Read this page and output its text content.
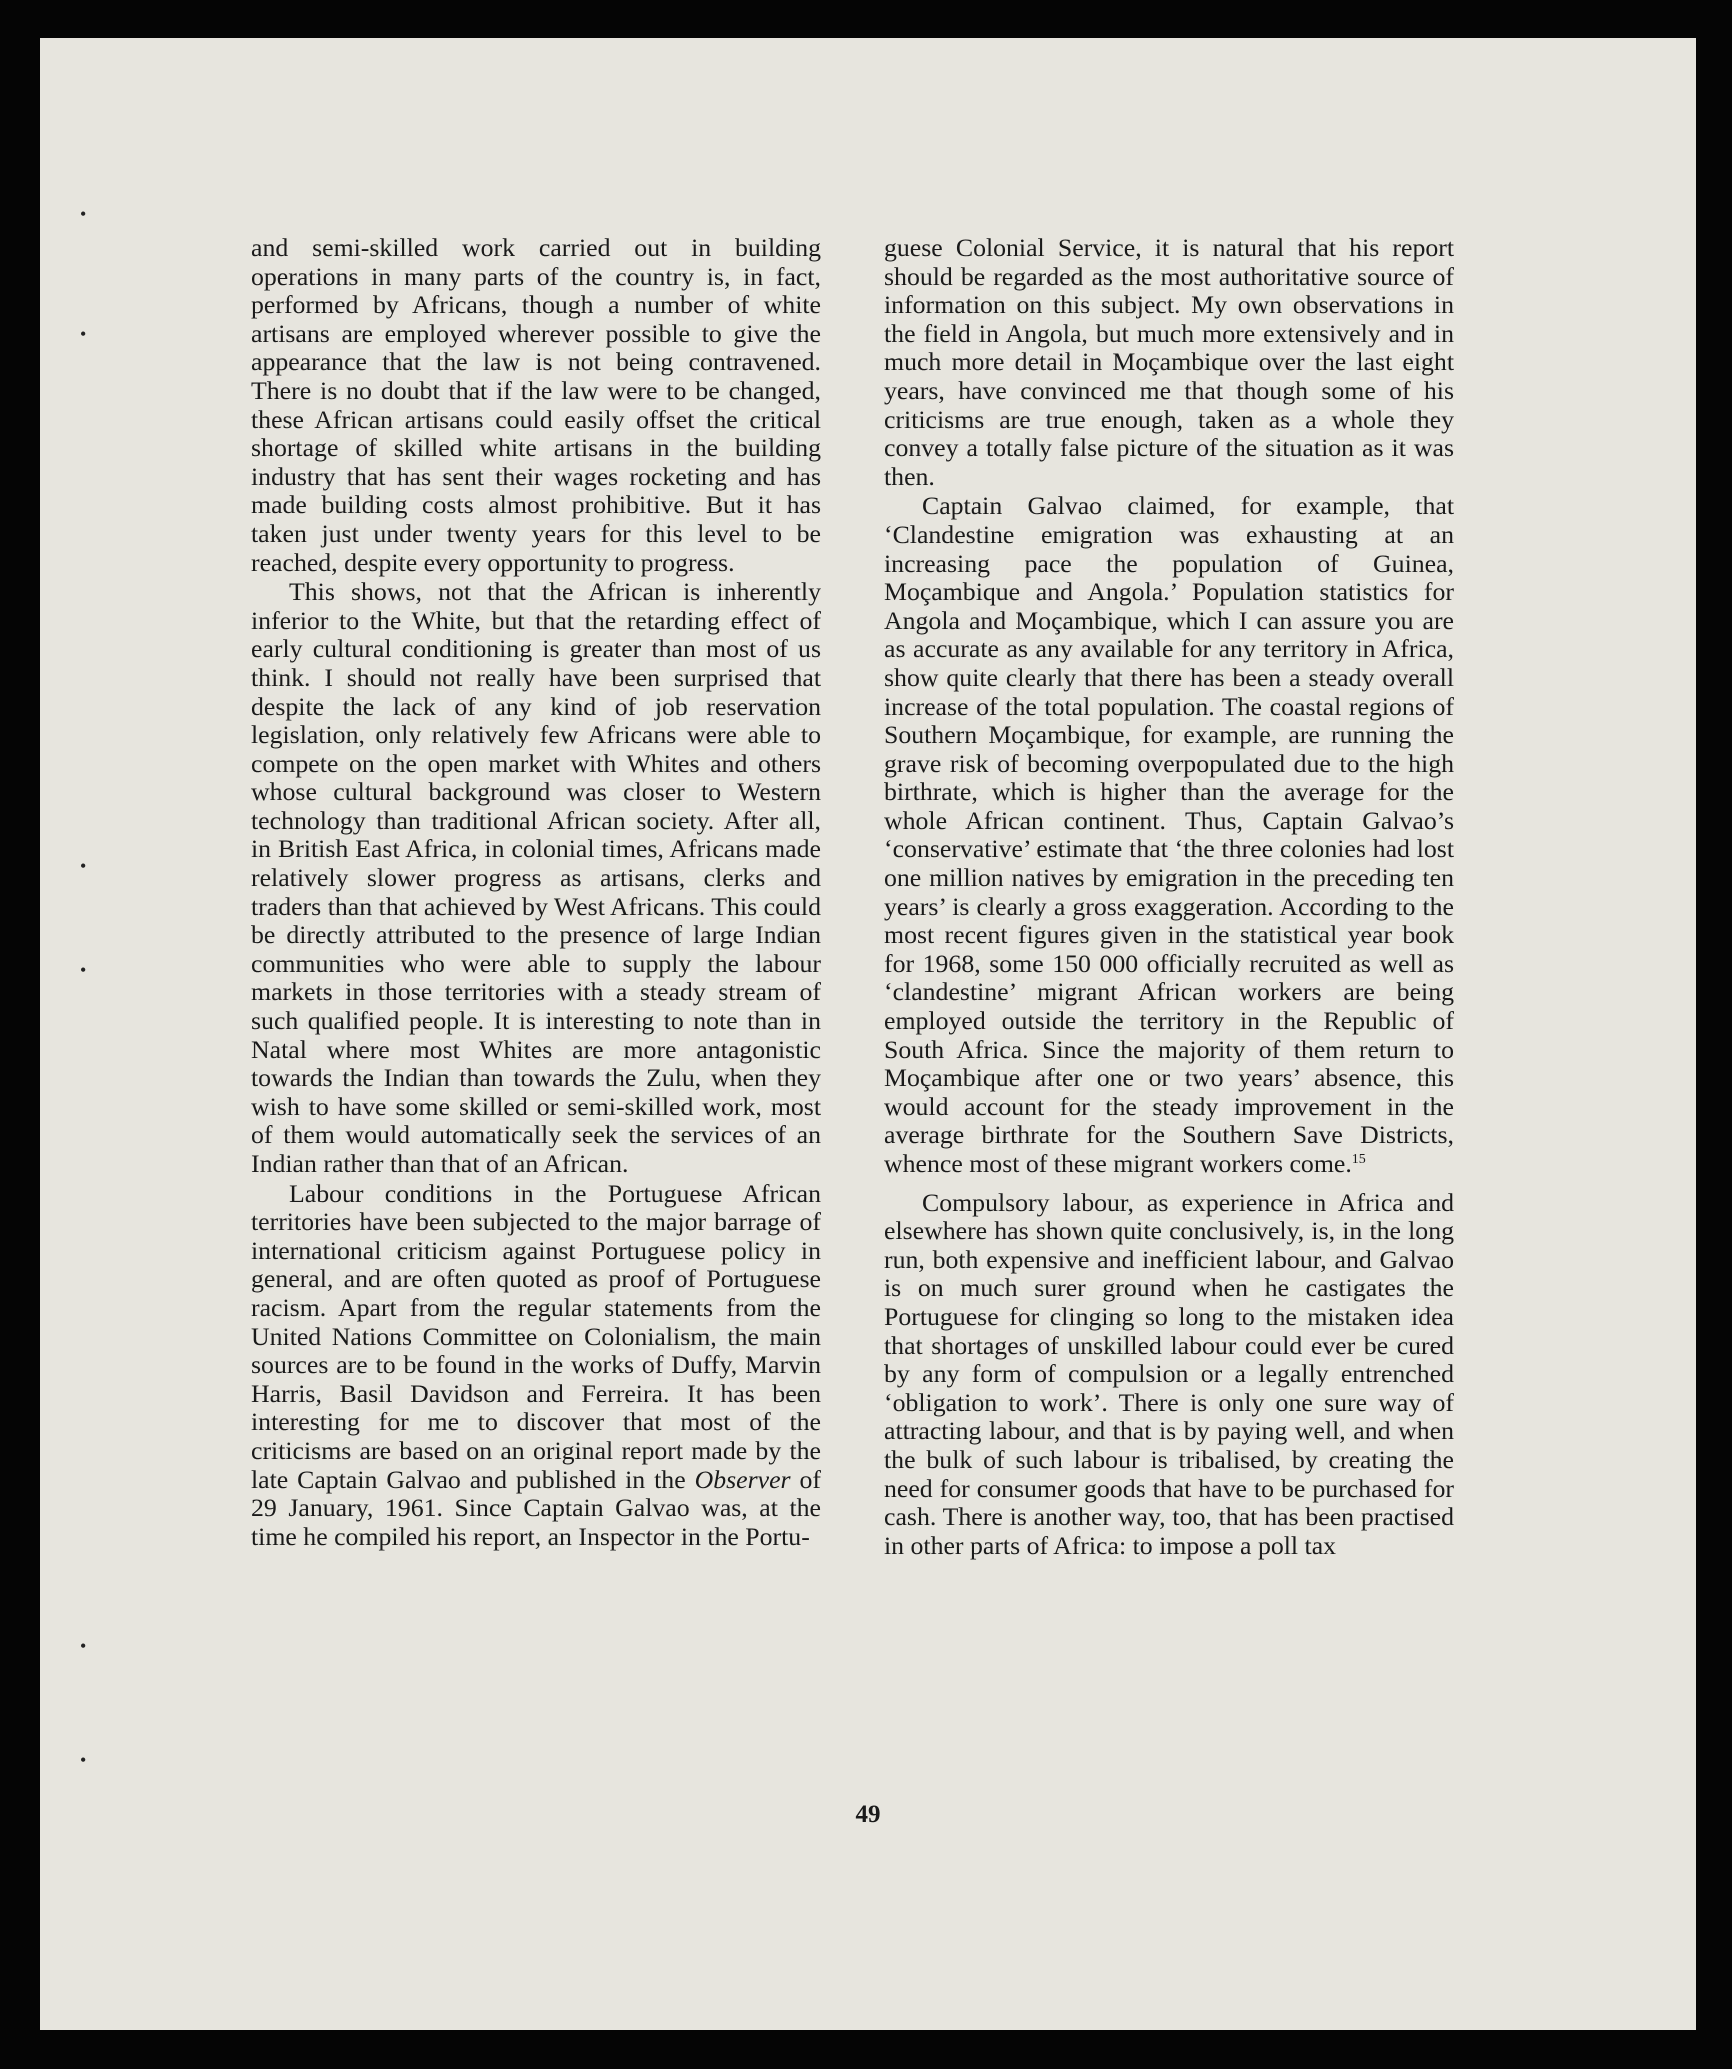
•
•
•
•
•
•

and semi-skilled work carried out in building operations in many parts of the country is, in fact, performed by Africans, though a number of white artisans are employed wherever possible to give the appearance that the law is not being contravened. There is no doubt that if the law were to be changed, these African artisans could easily offset the critical shortage of skilled white artisans in the building industry that has sent their wages rocketing and has made building costs almost prohibitive. But it has taken just under twenty years for this level to be reached, despite every opportunity to progress.

This shows, not that the African is inherently inferior to the White, but that the retarding effect of early cultural conditioning is greater than most of us think. I should not really have been surprised that despite the lack of any kind of job reservation legislation, only relatively few Africans were able to compete on the open market with Whites and others whose cultural background was closer to Western technology than traditional African society. After all, in British East Africa, in colonial times, Africans made relatively slower progress as artisans, clerks and traders than that achieved by West Africans. This could be directly attributed to the presence of large Indian communities who were able to supply the labour markets in those territories with a steady stream of such qualified people. It is interesting to note than in Natal where most Whites are more antagonistic towards the Indian than towards the Zulu, when they wish to have some skilled or semi-skilled work, most of them would automatically seek the services of an Indian rather than that of an African.

Labour conditions in the Portuguese African territories have been subjected to the major barrage of international criticism against Portuguese policy in general, and are often quoted as proof of Portuguese racism. Apart from the regular statements from the United Nations Committee on Colonialism, the main sources are to be found in the works of Duffy, Marvin Harris, Basil Davidson and Ferreira. It has been interesting for me to discover that most of the criticisms are based on an original report made by the late Captain Galvao and published in the Observer of 29 January, 1961. Since Captain Galvao was, at the time he compiled his report, an Inspector in the Portu-

guese Colonial Service, it is natural that his report should be regarded as the most authoritative source of information on this subject. My own observations in the field in Angola, but much more extensively and in much more detail in Moçambique over the last eight years, have convinced me that though some of his criticisms are true enough, taken as a whole they convey a totally false picture of the situation as it was then.

Captain Galvao claimed, for example, that ‘Clandestine emigration was exhausting at an increasing pace the population of Guinea, Moçambique and Angola.’ Population statistics for Angola and Moçambique, which I can assure you are as accurate as any available for any territory in Africa, show quite clearly that there has been a steady overall increase of the total population. The coastal regions of Southern Moçambique, for example, are running the grave risk of becoming overpopulated due to the high birthrate, which is higher than the average for the whole African continent. Thus, Captain Galvao’s ‘conservative’ estimate that ‘the three colonies had lost one million natives by emigration in the preceding ten years’ is clearly a gross exaggeration. According to the most recent figures given in the statistical year book for 1968, some 150 000 officially recruited as well as ‘clandestine’ migrant African workers are being employed outside the territory in the Republic of South Africa. Since the majority of them return to Moçambique after one or two years’ absence, this would account for the steady improvement in the average birthrate for the Southern Save Districts, whence most of these migrant workers come.$^{15}$

Compulsory labour, as experience in Africa and elsewhere has shown quite conclusively, is, in the long run, both expensive and inefficient labour, and Galvao is on much surer ground when he castigates the Portuguese for clinging so long to the mistaken idea that shortages of unskilled labour could ever be cured by any form of compulsion or a legally entrenched ‘obligation to work’. There is only one sure way of attracting labour, and that is by paying well, and when the bulk of such labour is tribalised, by creating the need for consumer goods that have to be purchased for cash. There is another way, too, that has been practised in other parts of Africa: to impose a poll tax

49
